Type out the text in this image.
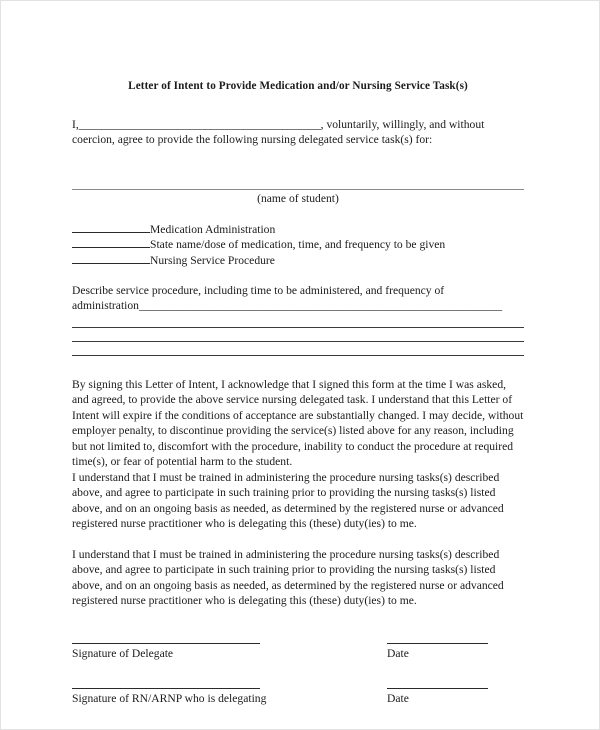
Letter of Intent to Provide Medication and/or Nursing Service Task(s)
I,____________________________________________, voluntarily, willingly, and without
coercion, agree to provide the following nursing delegated service task(s) for:
(name of student)
Medication Administration
State name/dose of medication, time, and frequency to be given
Nursing Service Procedure
Describe service procedure, including time to be administered, and frequency of
administration__________________________________________________________________

By signing this Letter of Intent, I acknowledge that I signed this form at the time I was asked, and agreed, to provide the above service nursing delegated task. I understand that this Letter of Intent will expire if the conditions of acceptance are substantially changed. I may decide, without employer penalty, to discontinue providing the service(s) listed above for any reason, including but not limited to, discomfort with the procedure, inability to conduct the procedure at required time(s), or fear of potential harm to the student.

I understand that I must be trained in administering the procedure nursing tasks(s) described above, and agree to participate in such training prior to providing the nursing tasks(s) listed above, and on an ongoing basis as needed, as determined by the registered nurse or advanced registered nurse practitioner who is delegating this (these) duty(ies) to me.

I understand that I must be trained in administering the procedure nursing tasks(s) described above, and agree to participate in such training prior to providing the nursing tasks(s) listed above, and on an ongoing basis as needed, as determined by the registered nurse or advanced registered nurse practitioner who is delegating this (these) duty(ies) to me.

Signature of Delegate	Date
Signature of RN/ARNP who is delegating	Date
